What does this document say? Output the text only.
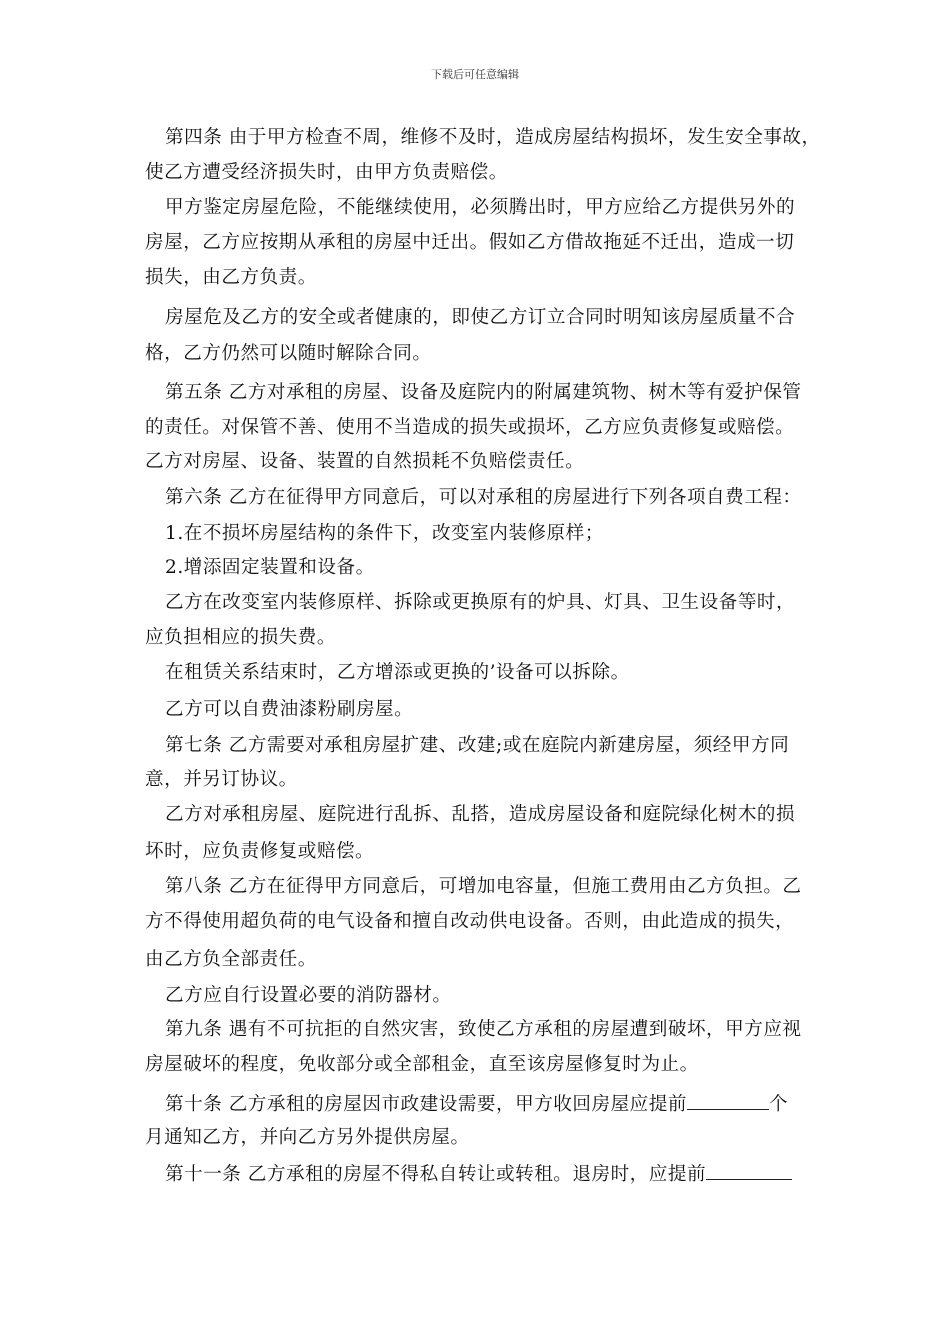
下载后可任意编辑
第四条 由于甲方检查不周，维修不及时，造成房屋结构损坏，发生安全事故，
使乙方遭受经济损失时，由甲方负责赔偿。
甲方鉴定房屋危险，不能继续使用，必须腾出时，甲方应给乙方提供另外的
房屋，乙方应按期从承租的房屋中迁出。假如乙方借故拖延不迁出，造成一切
损失，由乙方负责。
房屋危及乙方的安全或者健康的，即使乙方订立合同时明知该房屋质量不合
格，乙方仍然可以随时解除合同。
第五条 乙方对承租的房屋、设备及庭院内的附属建筑物、树木等有爱护保管
的责任。对保管不善、使用不当造成的损失或损坏，乙方应负责修复或赔偿。
乙方对房屋、设备、装置的自然损耗不负赔偿责任。
第六条 乙方在征得甲方同意后，可以对承租的房屋进行下列各项自费工程：
1.在不损坏房屋结构的条件下，改变室内装修原样；
2.增添固定装置和设备。
乙方在改变室内装修原样、拆除或更换原有的炉具、灯具、卫生设备等时，
应负担相应的损失费。
在租赁关系结束时，乙方增添或更换的’设备可以拆除。
乙方可以自费油漆粉刷房屋。
第七条 乙方需要对承租房屋扩建、改建;或在庭院内新建房屋，须经甲方同
意，并另订协议。
乙方对承租房屋、庭院进行乱拆、乱搭，造成房屋设备和庭院绿化树木的损
坏时，应负责修复或赔偿。
第八条 乙方在征得甲方同意后，可增加电容量，但施工费用由乙方负担。乙
方不得使用超负荷的电气设备和擅自改动供电设备。否则，由此造成的损失，
由乙方负全部责任。
乙方应自行设置必要的消防器材。
第九条 遇有不可抗拒的自然灾害，致使乙方承租的房屋遭到破坏，甲方应视
房屋破坏的程度，免收部分或全部租金，直至该房屋修复时为止。
第十条 乙方承租的房屋因市政建设需要，甲方收回房屋应提前	个
月通知乙方，并向乙方另外提供房屋。
第十一条 乙方承租的房屋不得私自转让或转租。退房时，应提前
